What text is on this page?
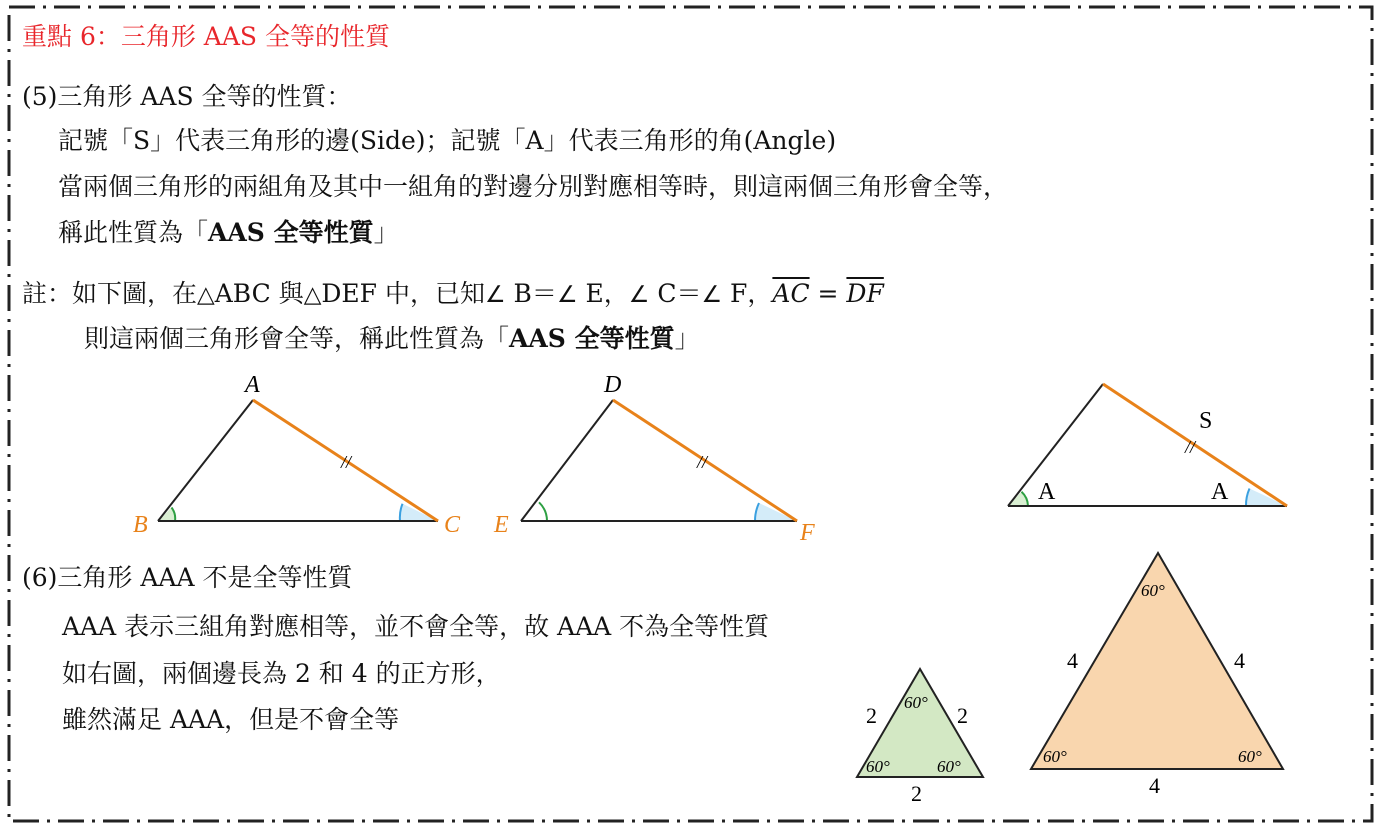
重點 6：三角形 AAS 全等的性質
(5)三角形 AAS 全等的性質：
記號「S」代表三角形的邊(Side)；記號「A」代表三角形的角(Angle)
當兩個三角形的兩組角及其中一組角的對邊分別對應相等時，則這兩個三角形會全等，
稱此性質為「AAS 全等性質」
註：如下圖，在△ABC 與△DEF 中，已知∠ B＝∠ E，∠ C＝∠ F，$\overline{AC} = \overline{DF}$
則這兩個三角形會全等，稱此性質為「AAS 全等性質」
//
A
B	C
//
D
E	F
//
S
A	A
(6)三角形 AAA 不是全等性質
AAA 表示三組角對應相等，並不會全等，故 AAA 不為全等性質
如右圖，兩個邊長為 2 和 4 的正方形，
雖然滿足 AAA，但是不會全等
60°
60°	60°
2	2
2
60°
60°	60°
4	4
4
